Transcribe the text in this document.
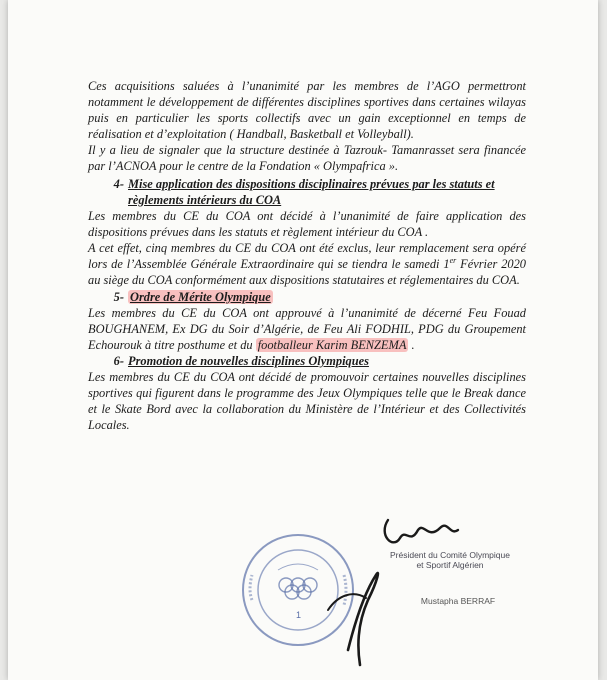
Ces acquisitions saluées à l’unanimité par les membres de l’AGO permettront notamment le développement de différentes disciplines sportives dans certaines wilayas puis en particulier les sports collectifs avec un gain exceptionnel en temps de réalisation et d’exploitation ( Handball, Basketball et Volleyball).

Il y a lieu de signaler que la structure destinée à Tazrouk- Tamanrasset sera financée par l’ACNOA pour le centre de la Fondation « Olympafrica ».

4- Mise application des dispositions disciplinaires prévues par les statuts et
règlements intérieurs du COA

Les membres du CE du COA ont décidé à l’unanimité de faire application des dispositions prévues dans les statuts et règlement intérieur du COA .

A cet effet, cinq membres du CE du COA ont été exclus, leur remplacement sera opéré lors de l’Assemblée Générale Extraordinaire qui se tiendra le samedi 1er Février 2020 au siège du COA conformément aux dispositions statutaires et réglementaires du COA.

5- Ordre de Mérite Olympique

Les membres du CE du COA ont approuvé à l’unanimité de décerné Feu Fouad BOUGHANEM, Ex DG du Soir d’Algérie, de Feu Ali FODHIL, PDG du Groupement Echourouk à titre posthume et du footballeur Karim BENZEMA .

6- Promotion de nouvelles disciplines Olympiques

Les membres du CE du COA ont décidé de promouvoir certaines nouvelles disciplines sportives qui figurent dans le programme des Jeux Olympiques telle que le Break dance et le Skate Bord avec la collaboration du Ministère de l’Intérieur et des Collectivités Locales.

1
Président du Comité Olympique
et Sportif Algérien
Mustapha BERRAF
